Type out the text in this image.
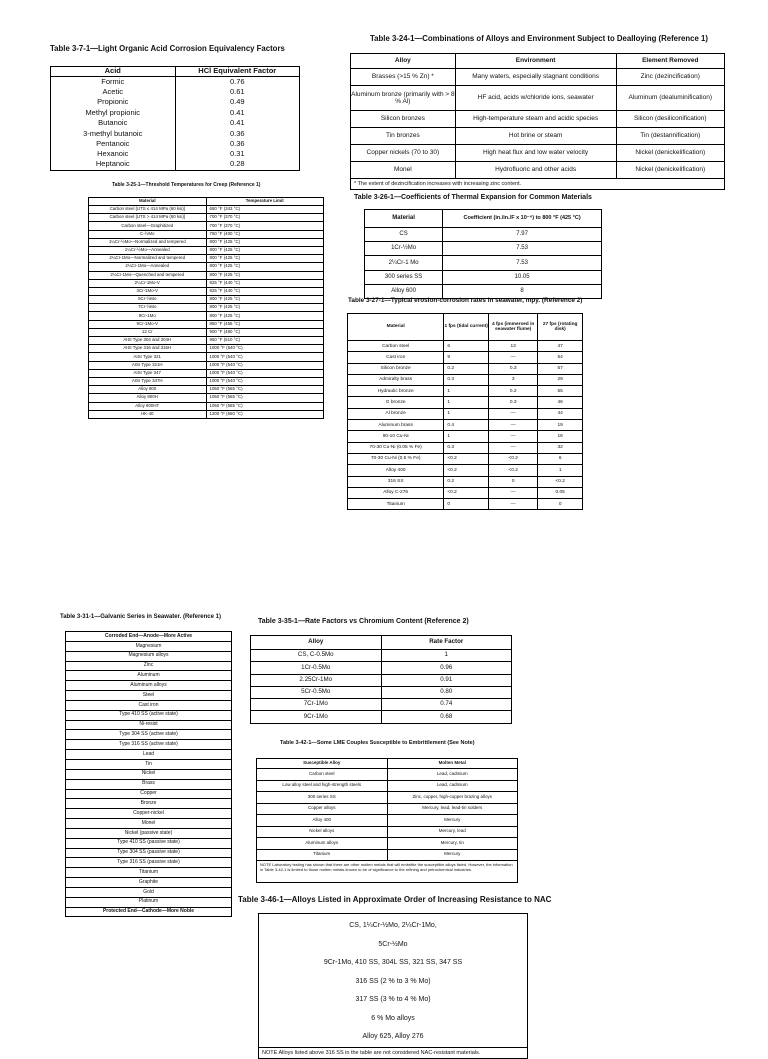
Table 3-7-1—Light Organic Acid Corrosion Equivalency Factors
Acid	HCl Equivalent Factor
Formic	0.76
Acetic	0.61
Propionic	0.49
Methyl propionic	0.41
Butanoic	0.41
3-methyl butanoic	0.36
Pentanoic	0.36
Hexanoic	0.31
Heptanoic	0.28
Table 3-25-1—Threshold Temperatures for Creep (Reference 1)
Material	Temperature Limit
Carbon steel [UTS ≤ 414 MPa (60 ksi)]	650 °F (343 °C)
Carbon steel [UTS > 414 MPa (60 ksi)]	700 °F (370 °C)
Carbon steel—Graphitized	700 °F (370 °C)
C-½Mo	750 °F (400 °C)
1¼Cr-½Mo—Normalized and tempered	800 °F (425 °C)
1¼Cr-½Mo—Annealed	800 °F (425 °C)
2¼Cr-1Mo—Normalized and tempered	800 °F (425 °C)
2¼Cr-1Mo—Annealed	800 °F (425 °C)
2¼Cr-1Mo—Quenched and tempered	800 °F (425 °C)
2¼Cr-1Mo-V	825 °F (440 °C)
3Cr-1Mo-V	825 °F (440 °C)
5Cr-½Mo	800 °F (425 °C)
7Cr-½Mo	800 °F (425 °C)
9Cr-1Mo	800 °F (425 °C)
9Cr-1Mo-V	850 °F (455 °C)
12 Cr	900 °F (480 °C)
AISI Type 304 and 304H	950 °F (510 °C)
AISI Type 316 and 316H	1000 °F (540 °C)
AISI Type 321	1000 °F (540 °C)
AISI Type 321H	1000 °F (540 °C)
AISI Type 347	1000 °F (540 °C)
AISI Type 347H	1000 °F (540 °C)
Alloy 800	1050 °F (565 °C)
Alloy 800H	1050 °F (565 °C)
Alloy 800HT	1050 °F (565 °C)
HK-40	1200 °F (650 °C)
Table 3-24-1—Combinations of Alloys and Environment Subject to Dealloying (Reference 1)
Alloy	Environment	Element Removed
Brasses (>15 % Zn) *	Many waters, especially stagnant conditions	Zinc (dezincification)
Aluminum bronze (primarily with > 8 % Al)	HF acid, acids w/chloride ions, seawater	Aluminum (dealuminification)
Silicon bronzes	High-temperature steam and acidic species	Silicon (desiliconification)
Tin bronzes	Hot brine or steam	Tin (destannification)
Copper nickels (70 to 30)	High heat flux and low water velocity	Nickel (denickelification)
Monel	Hydrofluoric and other acids	Nickel (denickelification)
* The extent of dezincification increases with increasing zinc content.
Table 3-26-1—Coefficients of Thermal Expansion for Common Materials
Material	Coefficient (in./in./F x 10⁻⁶) to 800 °F (425 °C)
CS	7.97
1Cr-½Mo	7.53
2¼Cr-1 Mo	7.53
300 series SS	10.05
Alloy 600	8
Table 3-27-1—Typical erosion-corrosion rates in seawater, mpy. (Reference 2)
Material	1 fps (tidal current)	4 fps (immersed in seawater flume)	27 fps (rotating disk)
Carbon steel	6	13	47
Cast iron	9	—	54
Silicon bronze	0.2	0.3	57
Admiralty brass	0.3	3	29
Hydraulic bronze	1	0.2	55
G bronze	1	0.3	46
Al bronze	1	—	44
Aluminum brass	0.4	—	19
90-10 Cu-Ni	1	—	16
70-30 Cu-Ni (0.05 % Fe)	0.3	—	32
70-30 Cu-Ni (0.5 % Fe)	<0.2	<0.2	6
Alloy 400	<0.2	<0.2	1
316 SS	0.2	0	<0.2
Alloy C-276	<0.2	—	0.05
Titanium	0	—	0
Table 3-31-1—Galvanic Series in Seawater. (Reference 1)
Corroded End—Anode—More Active
Magnesium
Magnesium alloys
Zinc
Aluminum
Aluminum alloys
Steel
Cast iron
Type 410 SS (active state)
Ni-resist
Type 304 SS (active state)
Type 316 SS (active state)
Lead
Tin
Nickel
Brass
Copper
Bronze
Copper-nickel
Monel
Nickel (passive state)
Type 410 SS (passive state)
Type 304 SS (passive state)
Type 316 SS (passive state)
Titanium
Graphite
Gold
Platinum
Protected End—Cathode—More Noble
Table 3-35-1—Rate Factors vs Chromium Content (Reference 2)
Alloy	Rate Factor
CS, C-0.5Mo	1
1Cr-0.5Mo	0.96
2.25Cr-1Mo	0.91
5Cr-0.5Mo	0.80
7Cr-1Mo	0.74
9Cr-1Mo	0.68
Table 3-42-1—Some LME Couples Susceptible to Embrittlement (See Note)
Susceptible Alloy	Molten Metal
Carbon steel	Lead, cadmium
Low alloy steel and high-strength steels	Lead, cadmium
300 series SS	Zinc, copper, high-copper brazing alloys
Copper alloys	Mercury, lead, lead-tin solders
Alloy 400	Mercury
Nickel alloys	Mercury, lead
Aluminum alloys	Mercury, tin
Titanium	Mercury
NOTE Laboratory testing has shown that there are other molten metals that will embrittle the susceptible alloys listed. However, the information in Table 3-42-1 is limited to those molten metals known to be of significance to the refining and petrochemical industries.
Table 3-46-1—Alloys Listed in Approximate Order of Increasing Resistance to NAC
CS, 1¼Cr-½Mo, 2¼Cr-1Mo,
5Cr-½Mo
9Cr-1Mo, 410 SS, 304L SS, 321 SS, 347 SS
316 SS (2 % to 3 % Mo)
317 SS (3 % to 4 % Mo)
6 % Mo alloys
Alloy 625, Alloy 276
NOTE Alloys listed above 316 SS in the table are not considered NAC-resistant materials.
